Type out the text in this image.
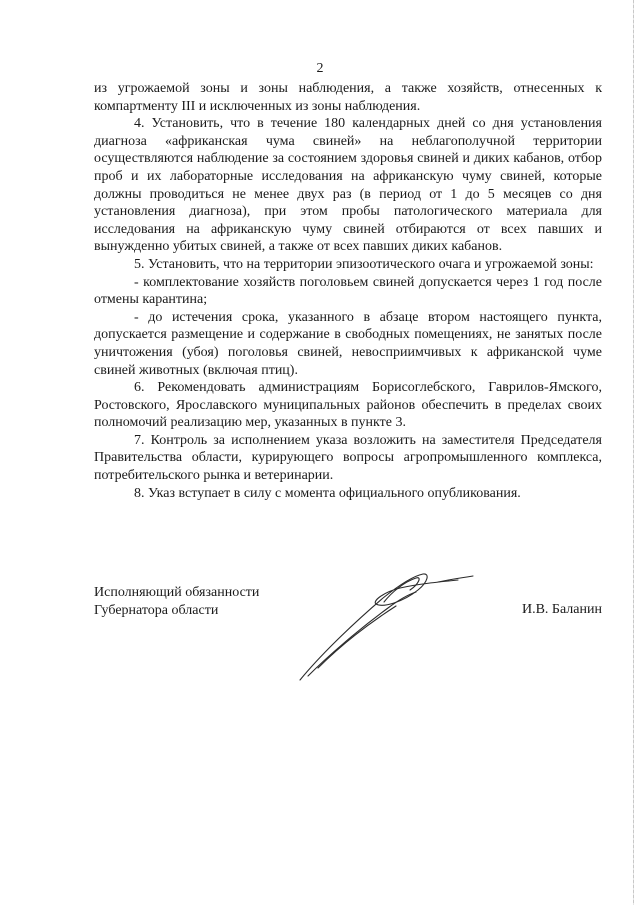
2

из угрожаемой зоны и зоны наблюдения, а также хозяйств, отнесенных к компартменту III и исключенных из зоны наблюдения.

4. Установить, что в течение 180 календарных дней со дня установления диагноза «африканская чума свиней» на неблагополучной территории осуществляются наблюдение за состоянием здоровья свиней и диких кабанов, отбор проб и их лабораторные исследования на африканскую чуму свиней, которые должны проводиться не менее двух раз (в период от 1 до 5 месяцев со дня установления диагноза), при этом пробы патологического материала для исследования на африканскую чуму свиней отбираются от всех павших и вынужденно убитых свиней, а также от всех павших диких кабанов.

5. Установить, что на территории эпизоотического очага и угрожаемой зоны:

- комплектование хозяйств поголовьем свиней допускается через 1 год после отмены карантина;

- до истечения срока, указанного в абзаце втором настоящего пункта, допускается размещение и содержание в свободных помещениях, не занятых после уничтожения (убоя) поголовья свиней, невосприимчивых к африканской чуме свиней животных (включая птиц).

6. Рекомендовать администрациям Борисоглебского, Гаврилов-Ямского, Ростовского, Ярославского муниципальных районов обеспечить в пределах своих полномочий реализацию мер, указанных в пункте 3.

7. Контроль за исполнением указа возложить на заместителя Председателя Правительства области, курирующего вопросы агропромышленного комплекса, потребительского рынка и ветеринарии.

8. Указ вступает в силу с момента официального опубликования.

Исполняющий обязанности
Губернатора области	И.В. Баланин
